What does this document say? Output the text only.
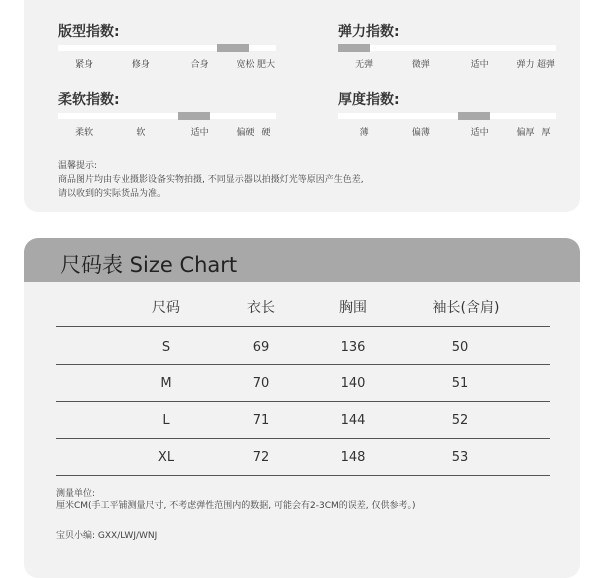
版型指数:
紧身	修身	合身	宽松 肥大
弹力指数:
无弹	微弹	适中	弹力 超弹
柔软指数:
柔软	软	适中	偏硬 硬
厚度指数:
薄	偏薄	适中	偏厚 厚
温馨提示:
商品图片均由专业摄影设备实物拍摄, 不同显示器以拍摄灯光等原因产生色差,
请以收到的实际货品为准。
尺码表 Size Chart
尺码	衣长	胸围	袖长(含肩)
S	69	136	50
M	70	140	51
L	71	144	52
XL	72	148	53
测量单位:
厘米CM(手工平铺测量尺寸, 不考虑弹性范围内的数据, 可能会有2-3CM的误差, 仅供参考。)
宝贝小编: GXX/LWJ/WNJ
